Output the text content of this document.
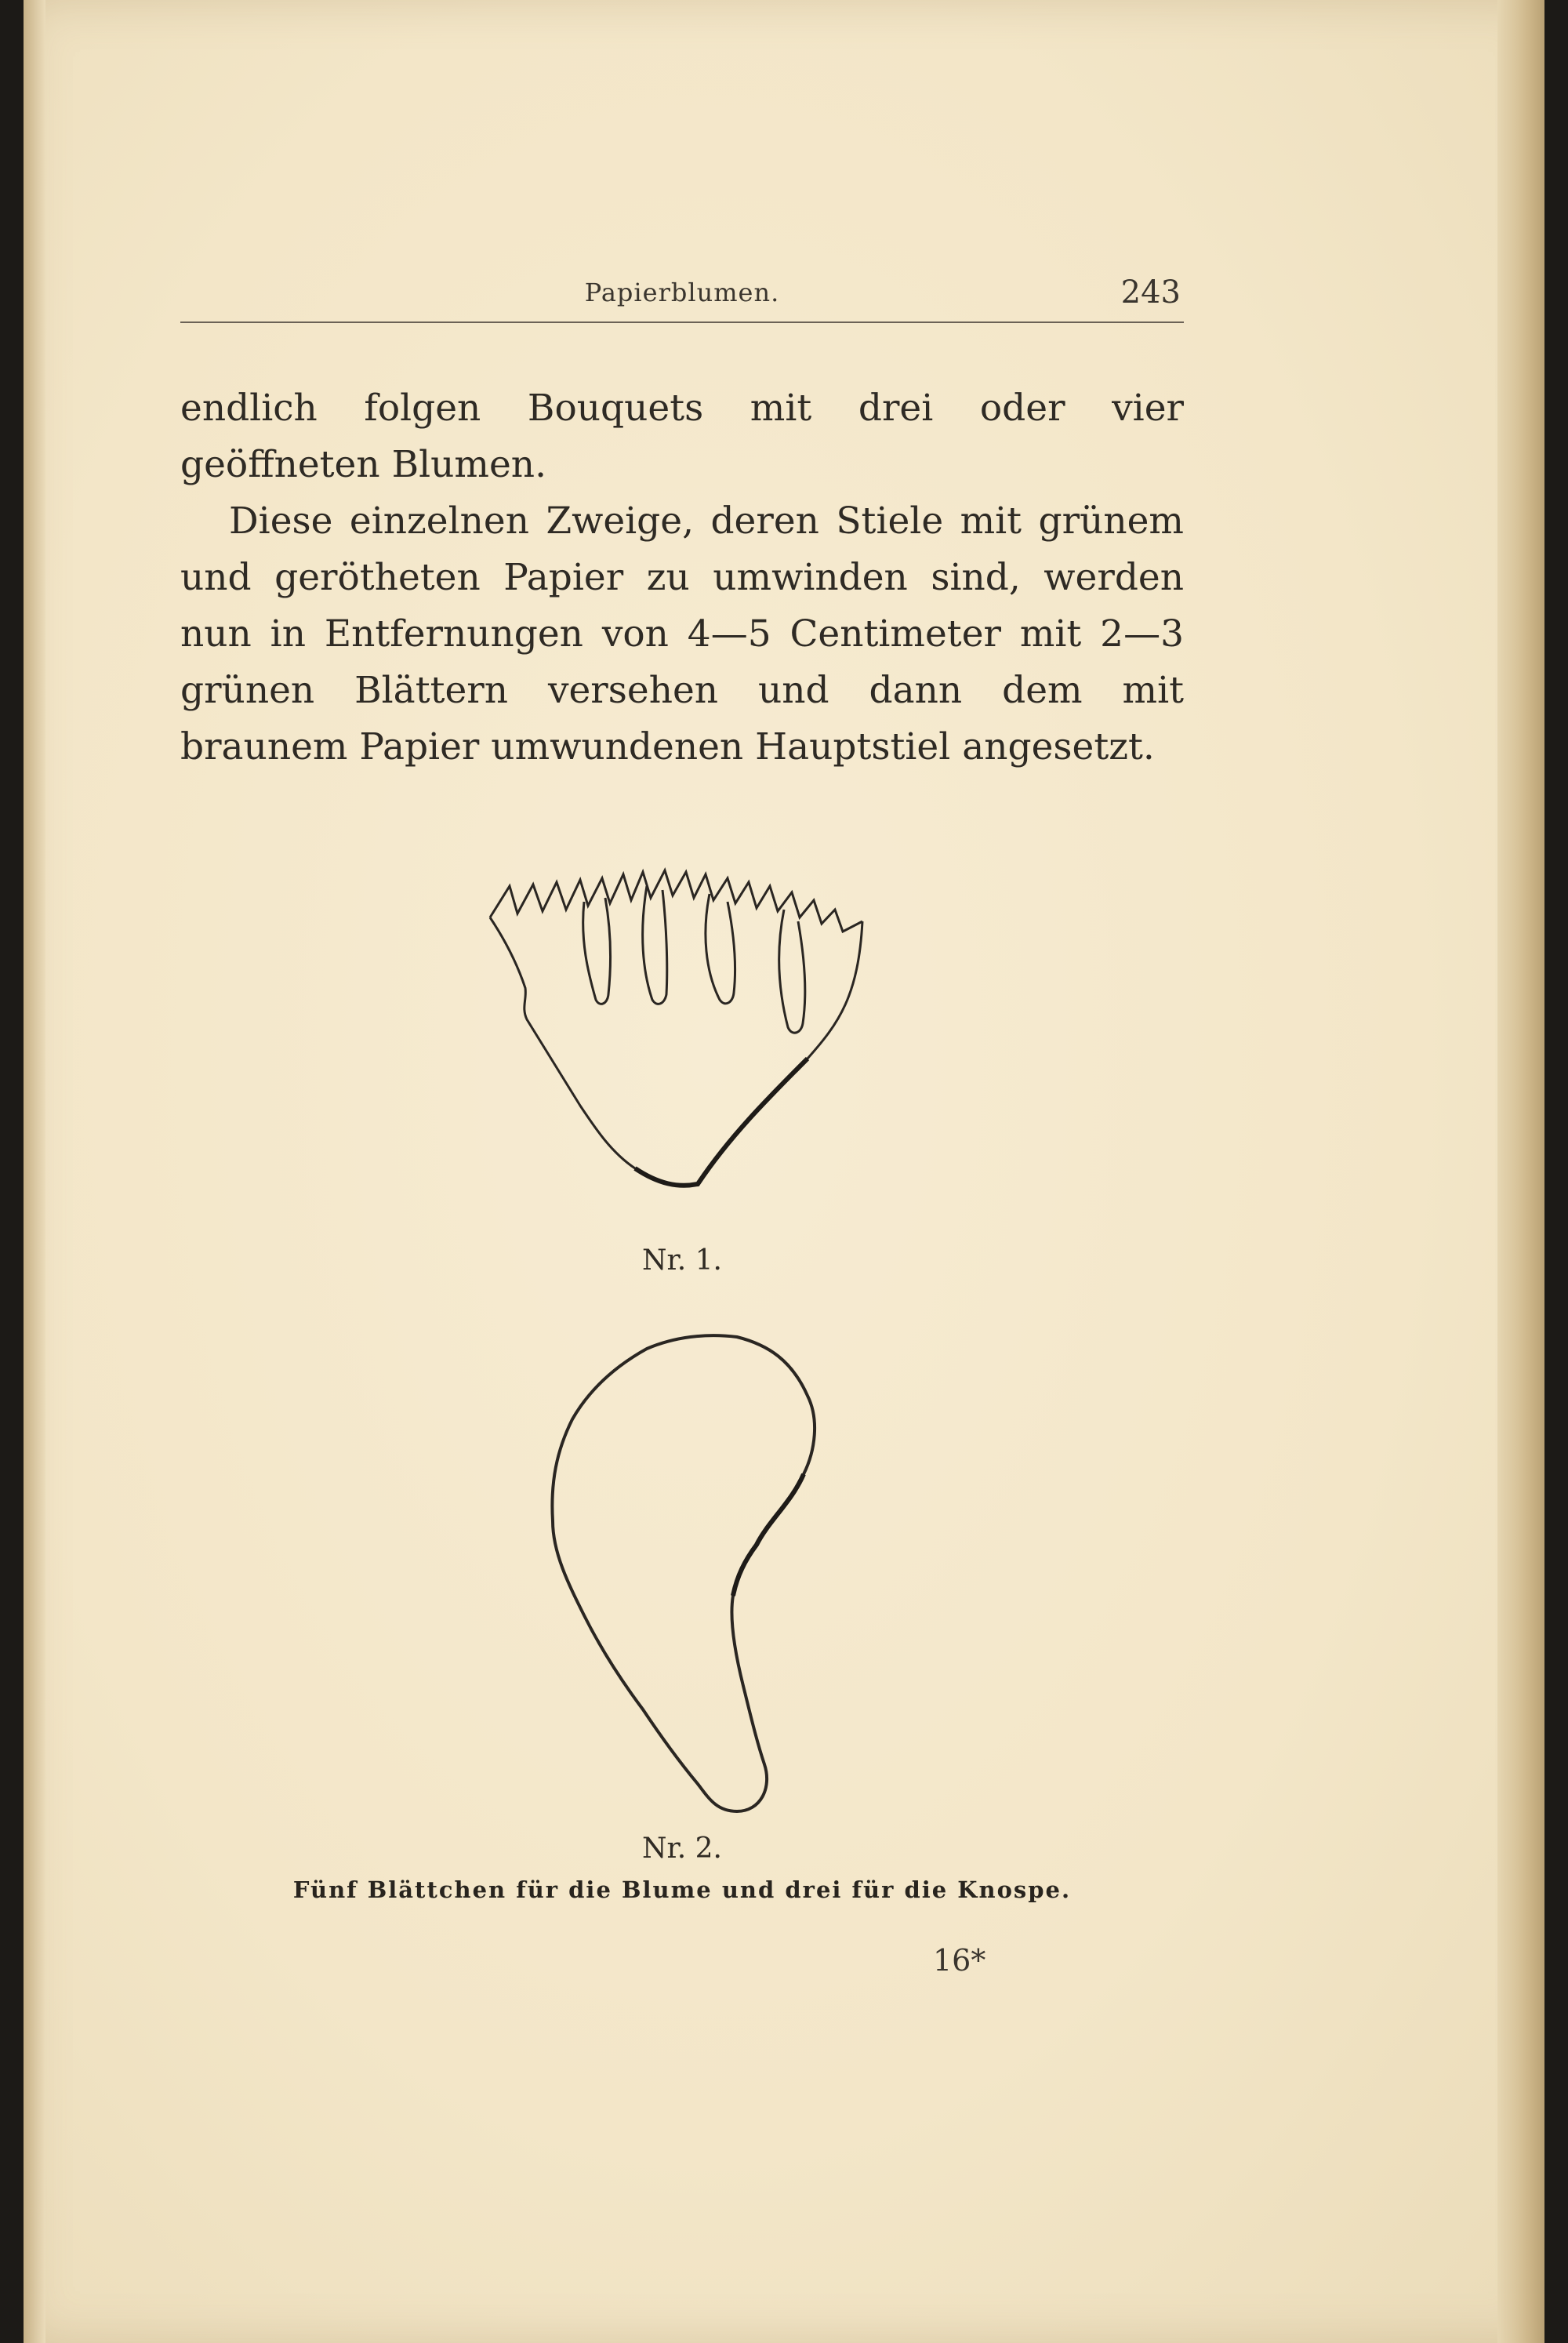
Papierblumen.	243

endlich folgen Bouquets mit drei oder vier geöffneten Blumen.

Diese einzelnen Zweige, deren Stiele mit grünem und gerötheten Papier zu umwinden sind, werden nun in Entfernungen von 4—5 Centimeter mit 2—3 grünen Blättern versehen und dann dem mit braunem Papier umwundenen Hauptstiel angesetzt.

Nr. 1.
Nr. 2.
Fünf Blättchen für die Blume und drei für die Knospe.
16*
